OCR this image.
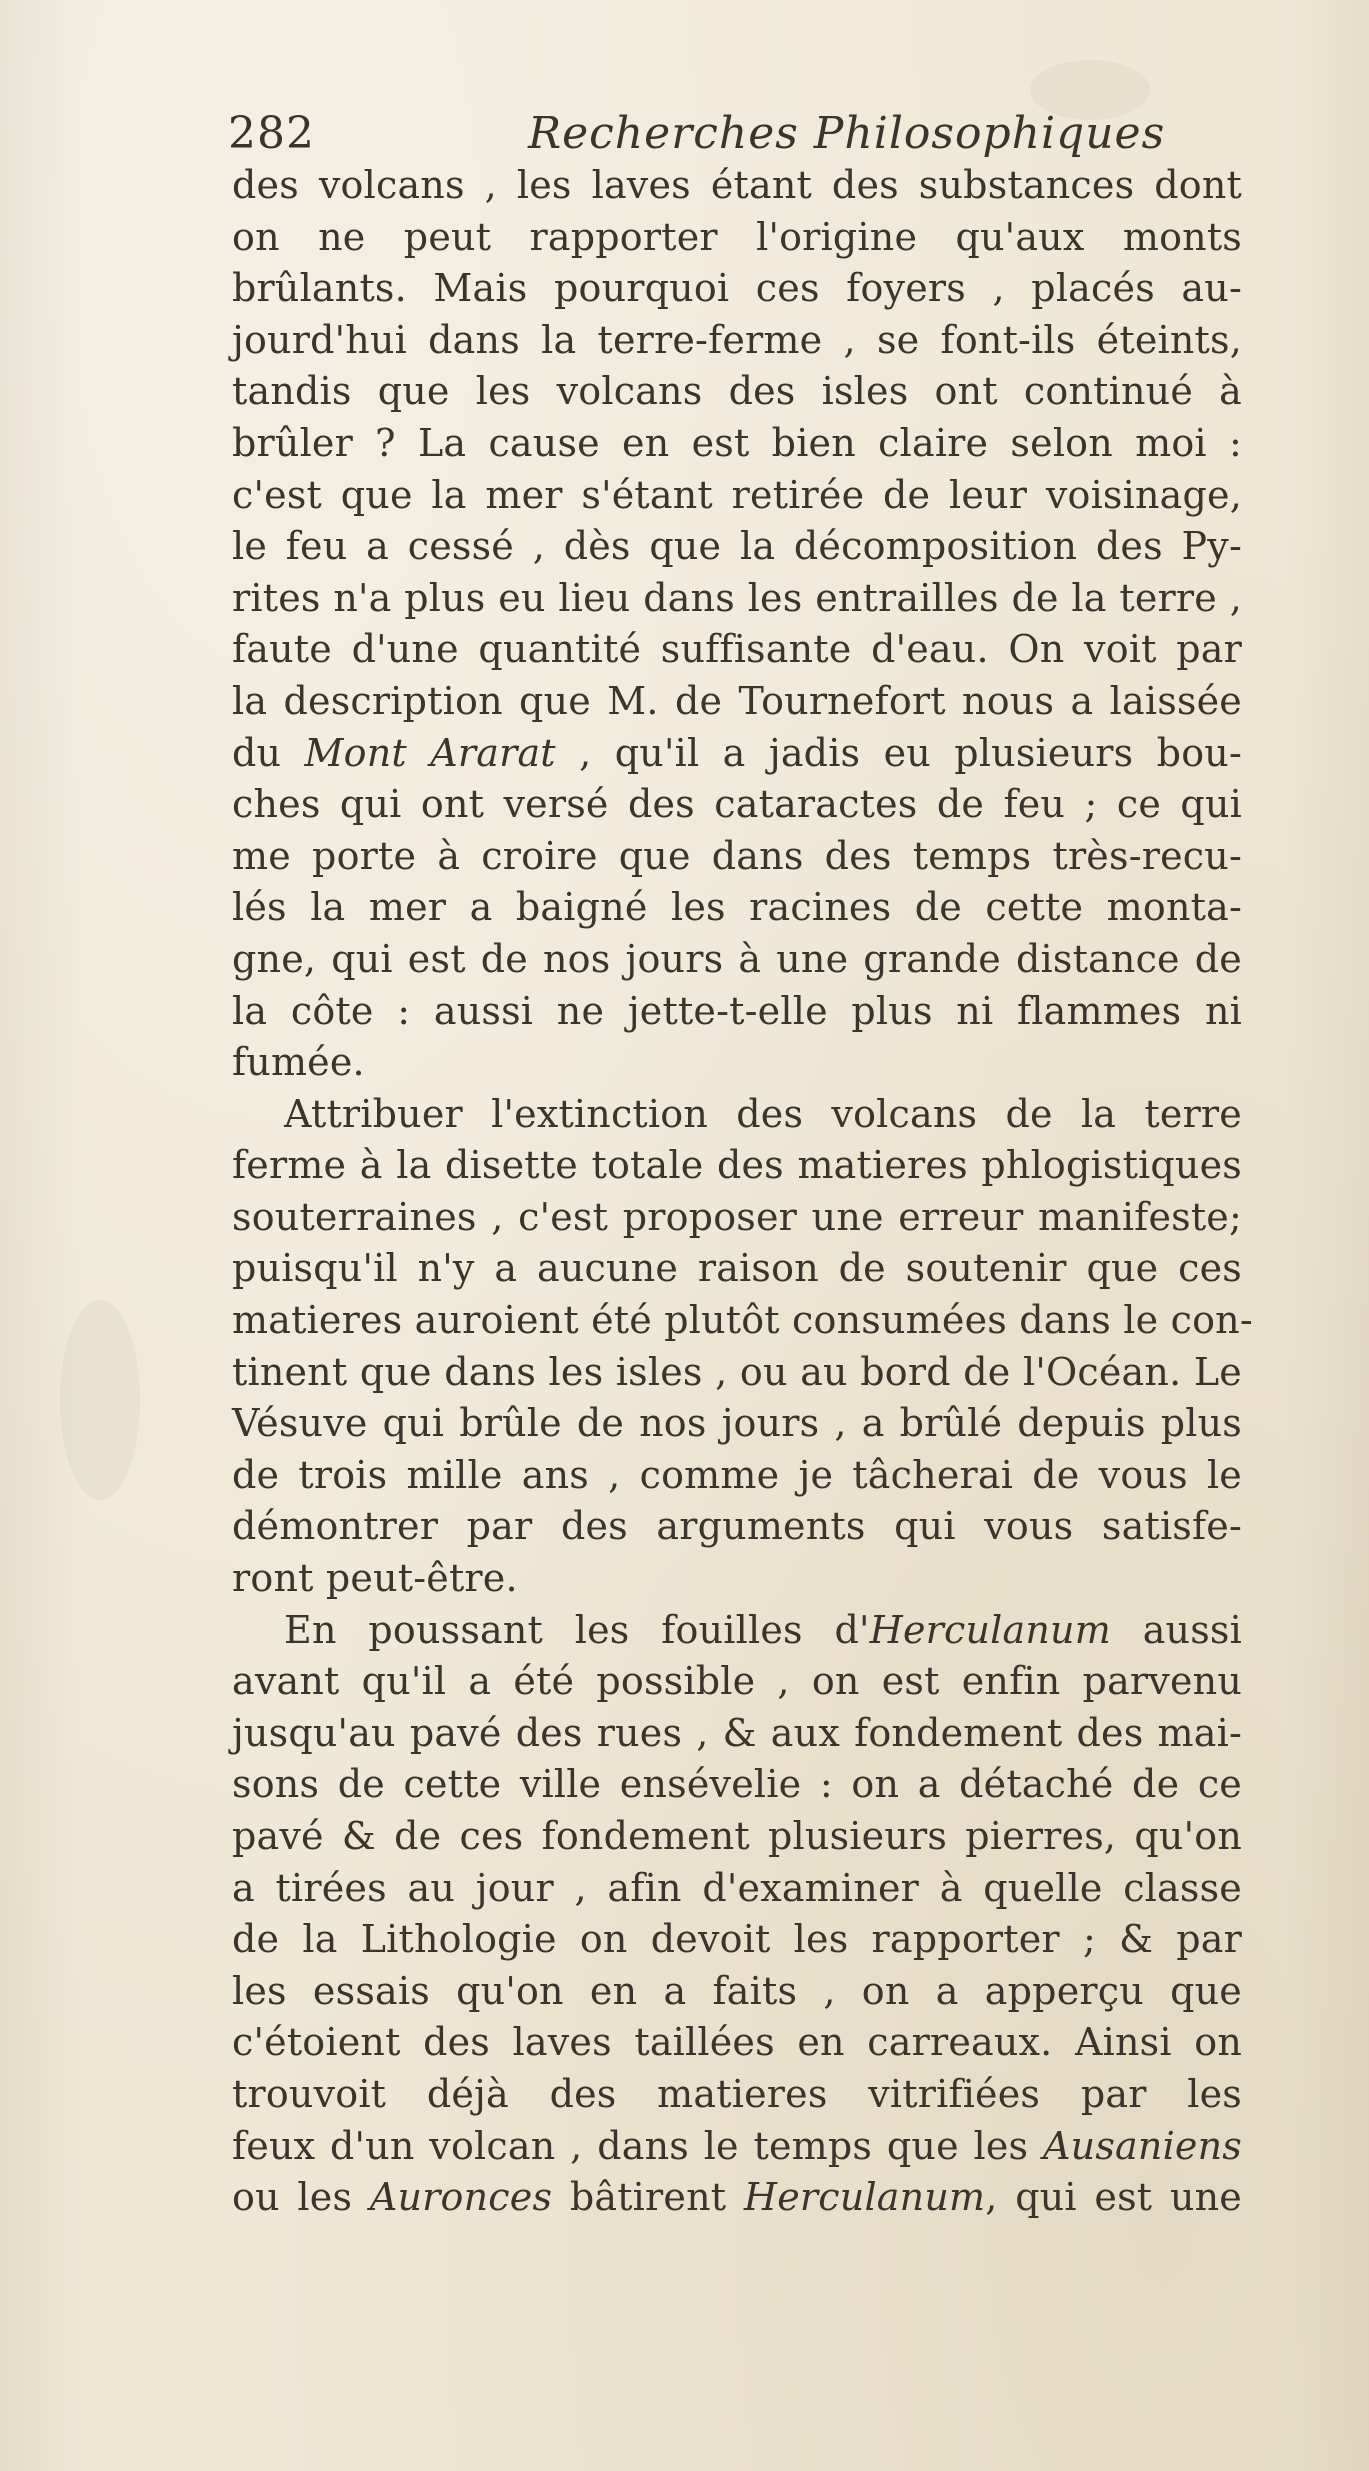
282	Recherches Philosophiques
des volcans , les laves étant des substances dont
on ne peut rapporter l'origine qu'aux monts
brûlants. Mais pourquoi ces foyers , placés au-
jourd'hui dans la terre-ferme , se font-ils éteints,
tandis que les volcans des isles ont continué à
brûler ? La cause en est bien claire selon moi :
c'est que la mer s'étant retirée de leur voisinage,
le feu a cessé , dès que la décomposition des Py-
rites n'a plus eu lieu dans les entrailles de la terre ,
faute d'une quantité suffisante d'eau. On voit par
la description que M. de Tournefort nous a laissée
du Mont Ararat , qu'il a jadis eu plusieurs bou-
ches qui ont versé des cataractes de feu ; ce qui
me porte à croire que dans des temps très-recu-
lés la mer a baigné les racines de cette monta-
gne, qui est de nos jours à une grande distance de
la côte : aussi ne jette-t-elle plus ni flammes ni
fumée.
Attribuer l'extinction des volcans de la terre
ferme à la disette totale des matieres phlogistiques
souterraines , c'est proposer une erreur manifeste;
puisqu'il n'y a aucune raison de soutenir que ces
matieres auroient été plutôt consumées dans le con-
tinent que dans les isles , ou au bord de l'Océan. Le
Vésuve qui brûle de nos jours , a brûlé depuis plus
de trois mille ans , comme je tâcherai de vous le
démontrer par des arguments qui vous satisfe-
ront peut-être.
En poussant les fouilles d'Herculanum aussi
avant qu'il a été possible , on est enfin parvenu
jusqu'au pavé des rues , & aux fondement des mai-
sons de cette ville ensévelie : on a détaché de ce
pavé & de ces fondement plusieurs pierres, qu'on
a tirées au jour , afin d'examiner à quelle classe
de la Lithologie on devoit les rapporter ; & par
les essais qu'on en a faits , on a apperçu que
c'étoient des laves taillées en carreaux. Ainsi on
trouvoit déjà des matieres vitrifiées par les
feux d'un volcan , dans le temps que les Ausaniens
ou les Auronces bâtirent Herculanum, qui est une
